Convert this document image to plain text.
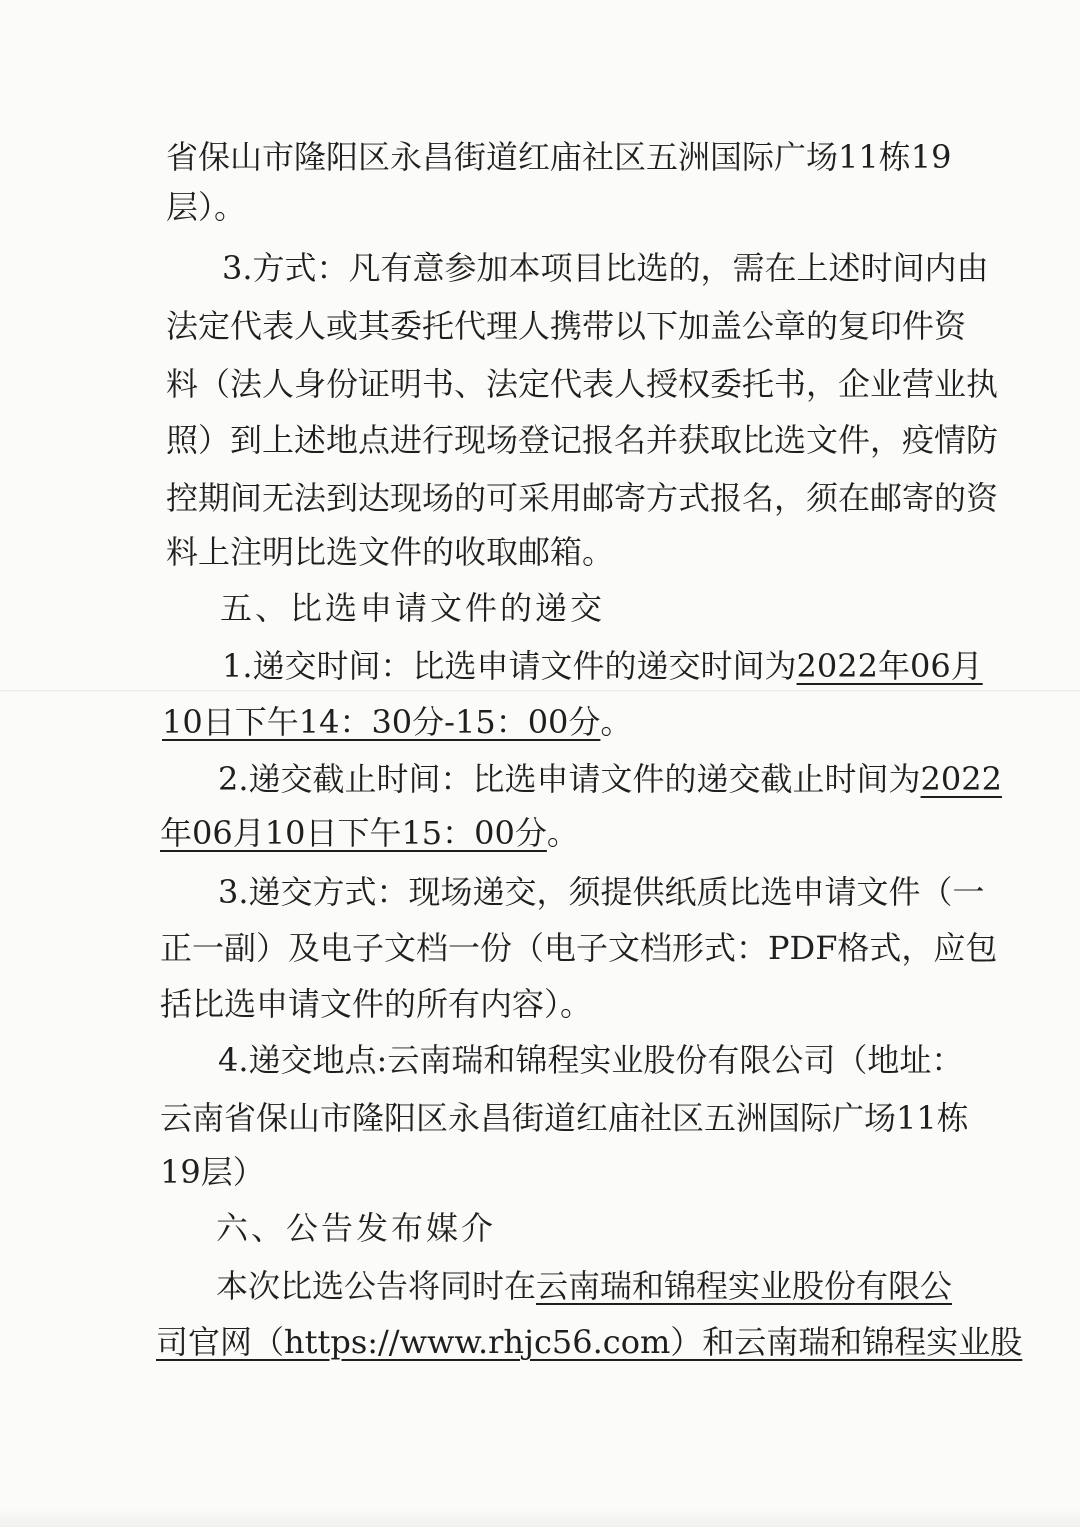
省保山市隆阳区永昌街道红庙社区五洲国际广场11栋19
层）。
3.方式：凡有意参加本项目比选的，需在上述时间内由
法定代表人或其委托代理人携带以下加盖公章的复印件资
料（法人身份证明书、法定代表人授权委托书，企业营业执
照）到上述地点进行现场登记报名并获取比选文件，疫情防
控期间无法到达现场的可采用邮寄方式报名，须在邮寄的资
料上注明比选文件的收取邮箱。
五、比选申请文件的递交
1.递交时间：比选申请文件的递交时间为2022年06月
10日下午14：30分-15：00分。
2.递交截止时间：比选申请文件的递交截止时间为2022
年06月10日下午15：00分。
3.递交方式：现场递交，须提供纸质比选申请文件（一
正一副）及电子文档一份（电子文档形式：PDF格式，应包
括比选申请文件的所有内容）。
4.递交地点:云南瑞和锦程实业股份有限公司（地址：
云南省保山市隆阳区永昌街道红庙社区五洲国际广场11栋
19层）
六、公告发布媒介
本次比选公告将同时在云南瑞和锦程实业股份有限公
司官网（https://www.rhjc56.com）和云南瑞和锦程实业股
